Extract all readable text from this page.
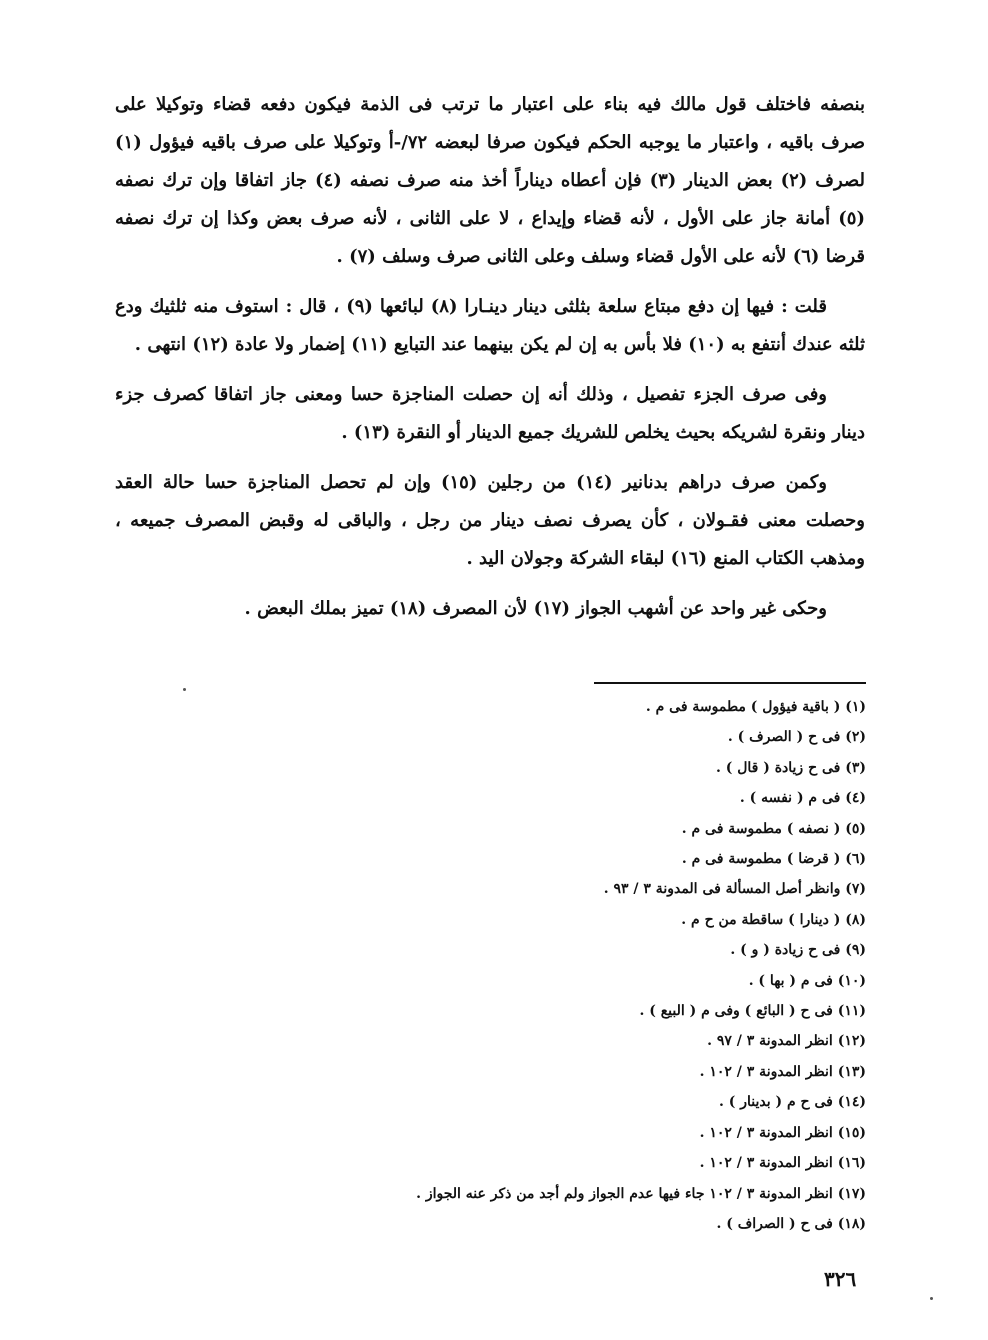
بنصفه فاختلف قول مالك فيه بناء على اعتبار ما ترتب فى الذمة فيكون دفعه قضاء وتوكيلا على صرف باقيه ، واعتبار ما يوجبه الحكم فيكون صرفا لبعضه ٧٢/-أ وتوكيلا على صرف باقيه فيؤول (١) لصرف (٢) بعض الدينار (٣) فإن أعطاه ديناراً أخذ منه صرف نصفه (٤) جاز اتفاقا وإن ترك نصفه (٥) أمانة جاز على الأول ، لأنه قضاء وإيداع ، لا على الثانى ، لأنه صرف بعض وكذا إن ترك نصفه قرضا (٦) لأنه على الأول قضاء وسلف وعلى الثانى صرف وسلف (٧) .

قلت : فيها إن دفع مبتاع سلعة بثلثى دينار دينـارا (٨) لبائعها (٩) ، قال : استوف منه ثلثيك ودع ثلثه عندك أنتفع به (١٠) فلا بأس به إن لم يكن بينهما عند التبايع (١١) إضمار ولا عادة (١٢) انتهى .

وفى صرف الجزء تفصيل ، وذلك أنه إن حصلت المناجزة حسا ومعنى جاز اتفاقا كصرف جزء دينار ونقرة لشريكه بحيث يخلص للشريك جميع الدينار أو النقرة (١٣) .

وكمن صرف دراهم بدنانير (١٤) من رجلين (١٥) وإن لم تحصل المناجزة حسا حالة العقد وحصلت معنى فقـولان ، كأن يصرف نصف دينار من رجل ، والباقى له وقبض المصرف جميعه ، ومذهب الكتاب المنع (١٦) لبقاء الشركة وجولان اليد .

وحكى غير واحد عن أشهب الجواز (١٧) لأن المصرف (١٨) تميز بملك البعض .

(١) ( باقية فيؤول ) مطموسة فى م .

(٢) فى ح ( الصرف ) .

(٣) فى ح زيادة ( قال ) .

(٤) فى م ( نفسه ) .

(٥) ( نصفه ) مطموسة فى م .

(٦) ( قرضا ) مطموسة فى م .

(٧) وانظر أصل المسألة فى المدونة ٣ / ٩٣ .

(٨) ( دينارا ) ساقطة من ح م .

(٩) فى ح زيادة ( و ) .

(١٠) فى م ( بها ) .

(١١) فى ح ( البائع ) وفى م ( البيع ) .

(١٢) انظر المدونة ٣ / ٩٧ .

(١٣) انظر المدونة ٣ / ١٠٢ .

(١٤) فى ح م ( بدينار ) .

(١٥) انظر المدونة ٣ / ١٠٢ .

(١٦) انظر المدونة ٣ / ١٠٢ .

(١٧) انظر المدونة ٣ / ١٠٢ جاء فيها عدم الجواز ولم أجد من ذكر عنه الجواز .

(١٨) فى ح ( الصراف ) .

٣٢٦
